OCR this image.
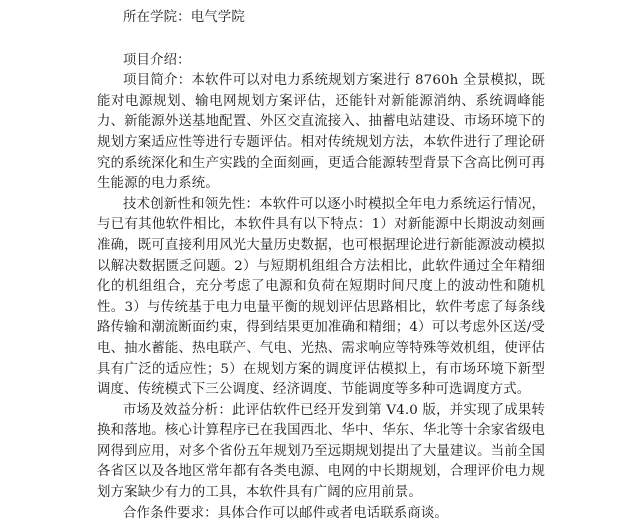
所在学院：电气学院

项目介绍：

项目简介：本软件可以对电力系统规划方案进行 8760h 全景模拟，既能对电源规划、输电网规划方案评估，还能针对新能源消纳、系统调峰能力、新能源外送基地配置、外区交直流接入、抽蓄电站建设、市场环境下的规划方案适应性等进行专题评估。相对传统规划方法，本软件进行了理论研究的系统深化和生产实践的全面刻画，更适合能源转型背景下含高比例可再生能源的电力系统。

技术创新性和领先性：本软件可以逐小时模拟全年电力系统运行情况，与已有其他软件相比，本软件具有以下特点：1）对新能源中长期波动刻画准确，既可直接利用风光大量历史数据，也可根据理论进行新能源波动模拟以解决数据匮乏问题。2）与短期机组组合方法相比，此软件通过全年精细化的机组组合，充分考虑了电源和负荷在短期时间尺度上的波动性和随机性。3）与传统基于电力电量平衡的规划评估思路相比，软件考虑了每条线路传输和潮流断面约束，得到结果更加准确和精细；4）可以考虑外区送/受电、抽水蓄能、热电联产、气电、光热、需求响应等特殊等效机组，使评估具有广泛的适应性；5）在规划方案的调度评估模拟上，有市场环境下新型调度、传统模式下三公调度、经济调度、节能调度等多种可选调度方式。

市场及效益分析：此评估软件已经开发到第 V4.0 版，并实现了成果转换和落地。核心计算程序已在我国西北、华中、华东、华北等十余家省级电网得到应用，对多个省份五年规划乃至远期规划提出了大量建议。当前全国各省区以及各地区常年都有各类电源、电网的中长期规划，合理评价电力规划方案缺少有力的工具，本软件具有广阔的应用前景。

合作条件要求：具体合作可以邮件或者电话联系商谈。
